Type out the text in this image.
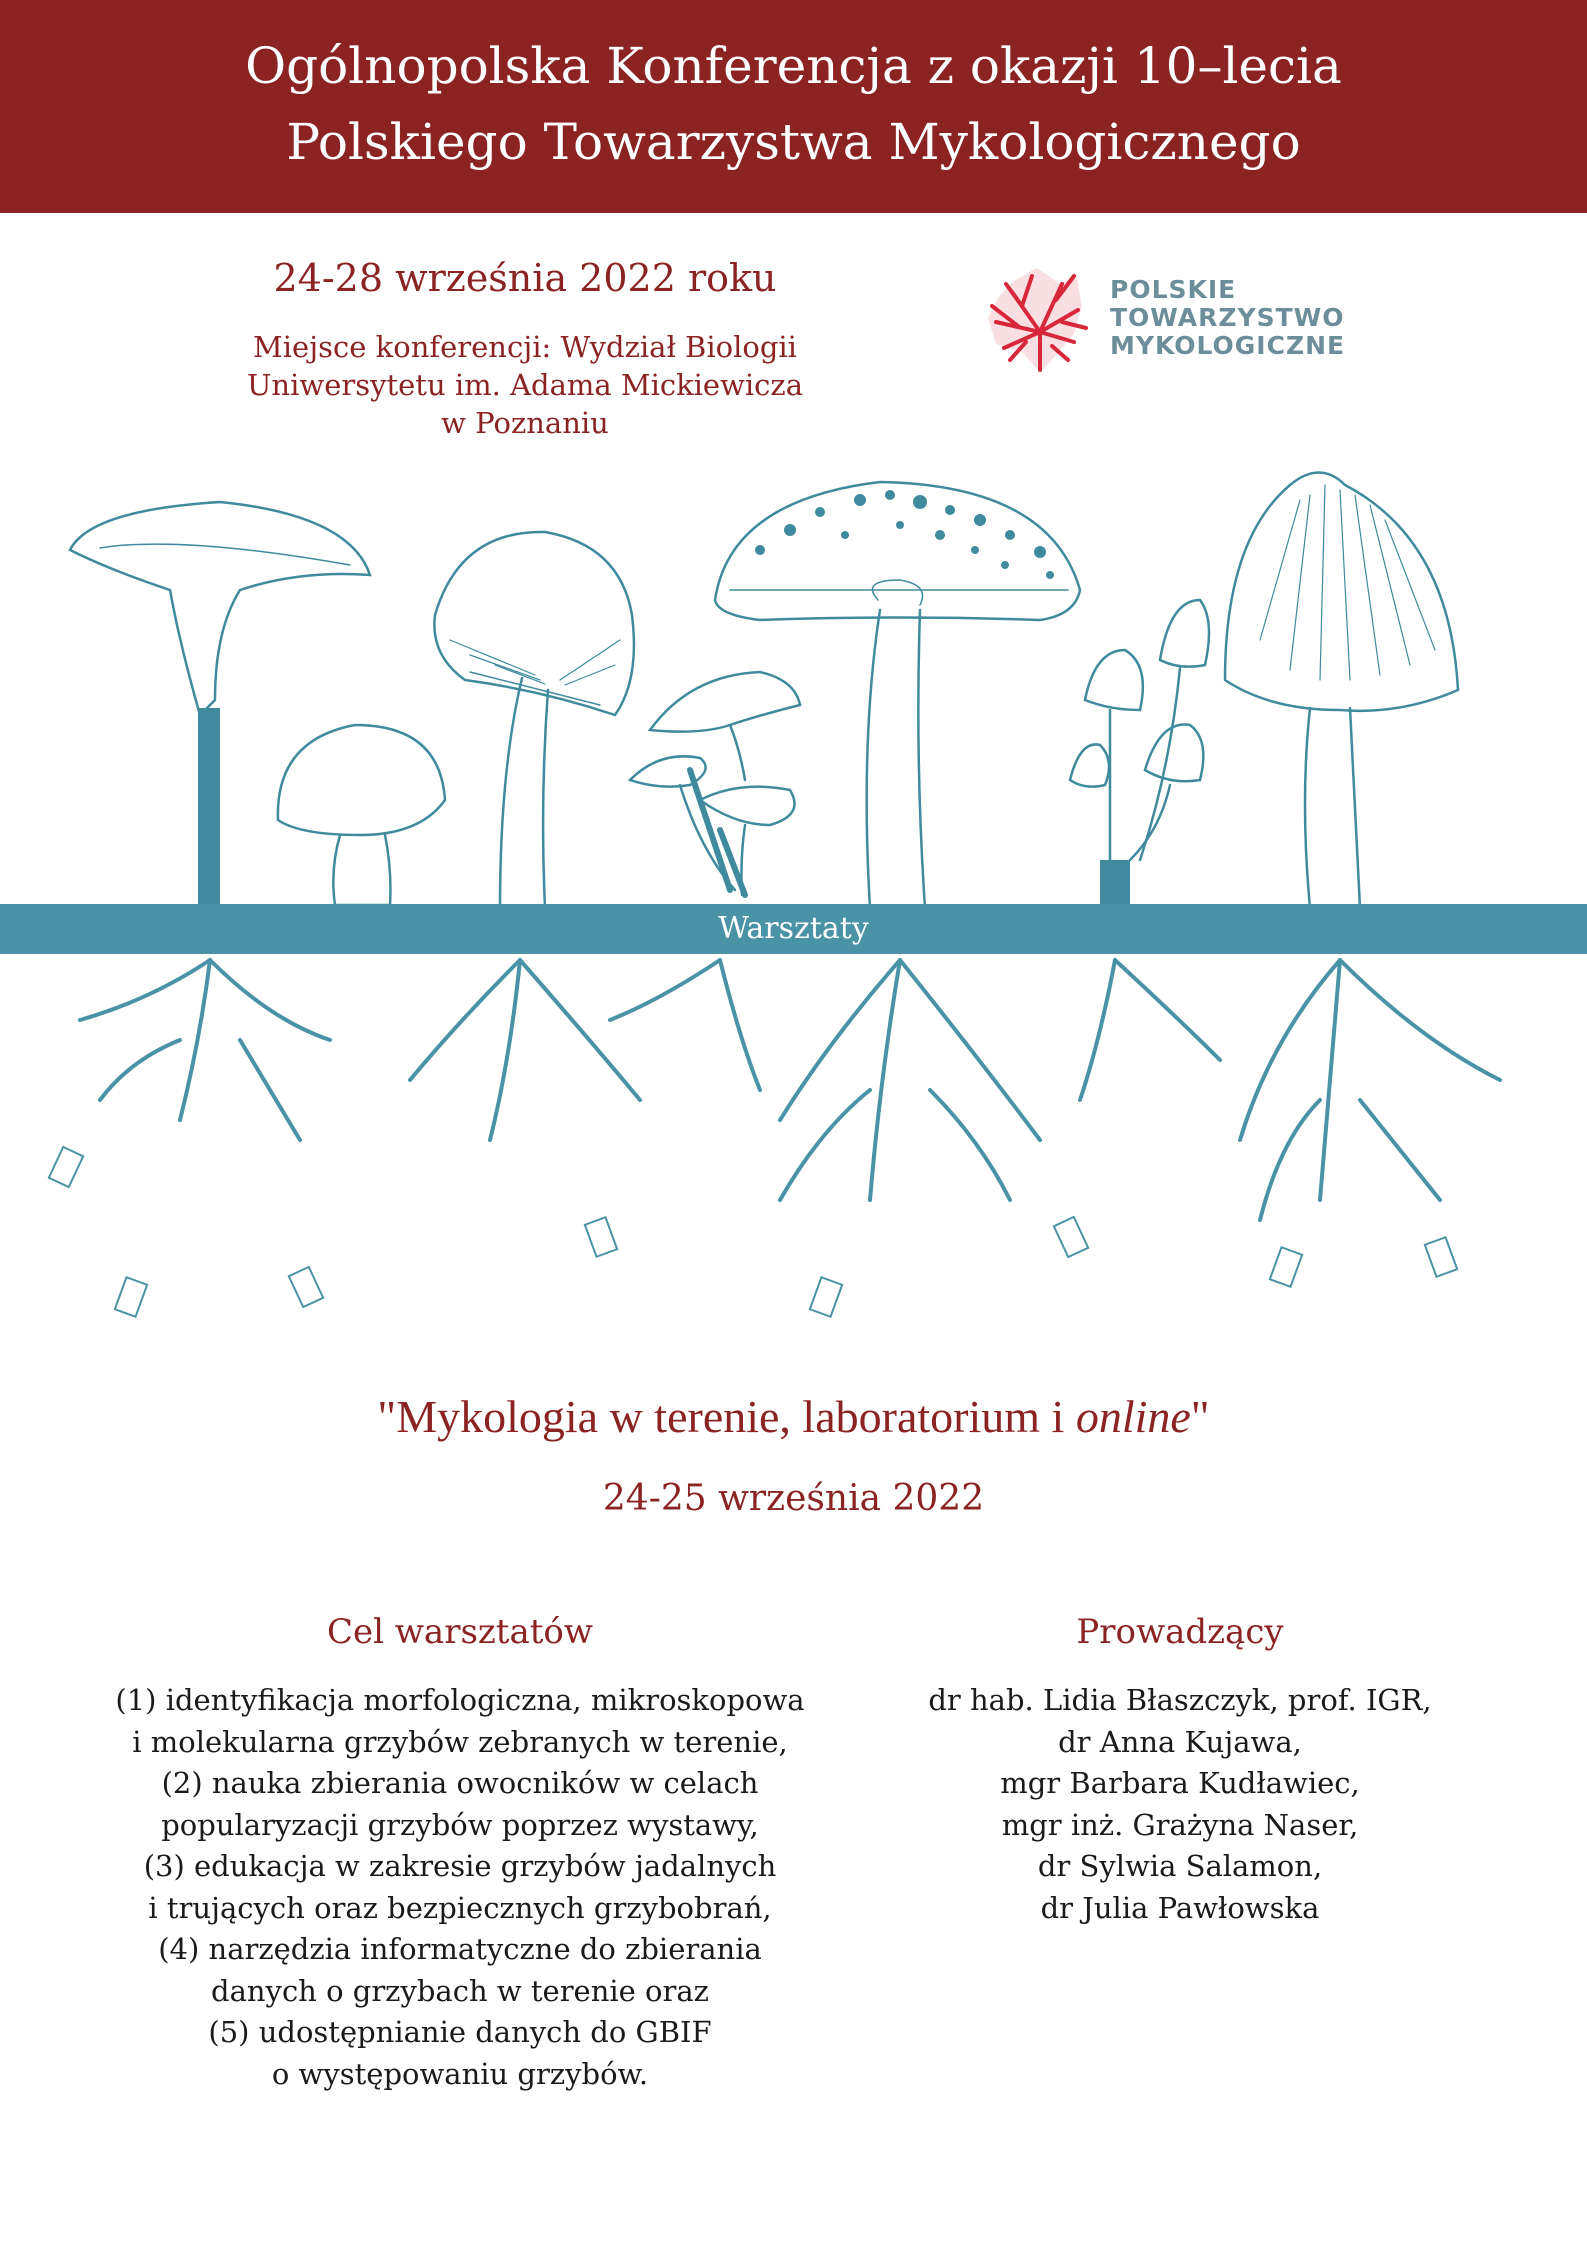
Ogólnopolska Konferencja z okazji 10–lecia
Polskiego Towarzystwa Mykologicznego
24-28 września 2022 roku
Miejsce konferencji: Wydział Biologii
Uniwersytetu im. Adama Mickiewicza
w Poznaniu
POLSKIE
TOWARZYSTWO
MYKOLOGICZNE
Warsztaty
"Mykologia w terenie, laboratorium i online"
24-25 września 2022
Cel warsztatów	Prowadzący
(1) identyfikacja morfologiczna, mikroskopowa
i molekularna grzybów zebranych w terenie,
(2) nauka zbierania owocników w celach
popularyzacji grzybów poprzez wystawy,
(3) edukacja w zakresie grzybów jadalnych
i trujących oraz bezpiecznych grzybobrań,
(4) narzędzia informatyczne do zbierania
danych o grzybach w terenie oraz
(5) udostępnianie danych do GBIF
o występowaniu grzybów.
dr hab. Lidia Błaszczyk, prof. IGR,
dr Anna Kujawa,
mgr Barbara Kudławiec,
mgr inż. Grażyna Naser,
dr Sylwia Salamon,
dr Julia Pawłowska
